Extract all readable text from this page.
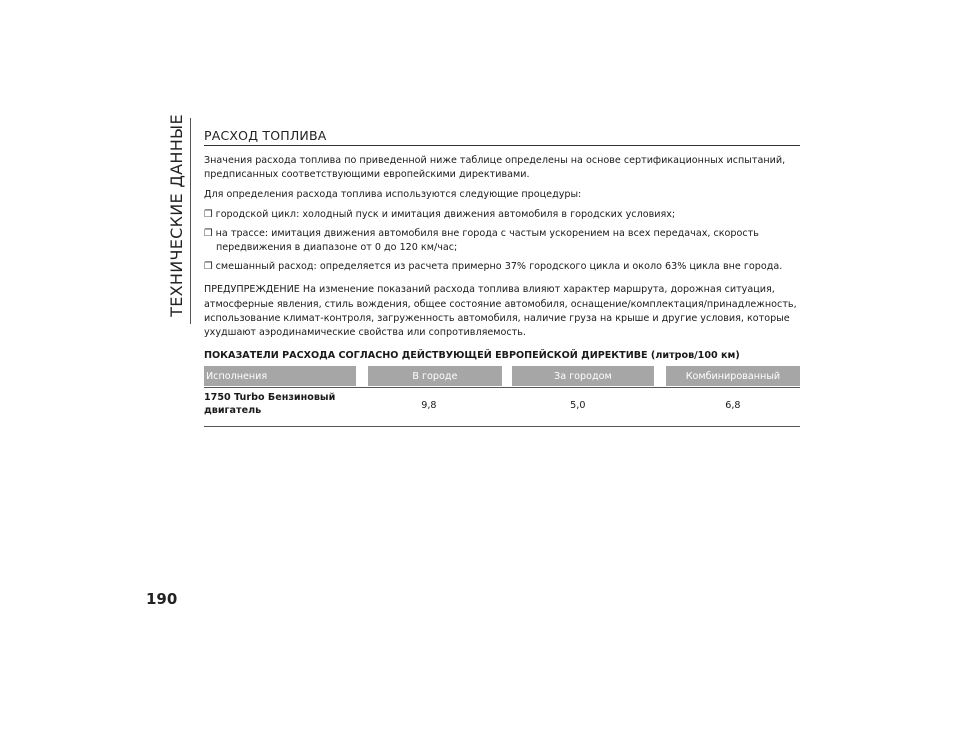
ТЕХНИЧЕСКИЕ ДАННЫЕ РАСХОД ТОПЛИВА

Значения расхода топлива по приведенной ниже таблице определены на основе сертификационных испытаний, предписанных соответствующими европейскими директивами.

Для определения расхода топлива используются следующие процедуры:

❒ городской цикл: холодный пуск и имитация движения автомобиля в городских условиях;

❒ на трассе: имитация движения автомобиля вне города с частым ускорением на всех передачах, скорость передвижения в диапазоне от 0 до 120 км/час;

❒ смешанный расход: определяется из расчета примерно 37% городского цикла и около 63% цикла вне города.

ПРЕДУПРЕЖДЕНИЕ На изменение показаний расхода топлива влияют характер маршрута, дорожная ситуация, атмосферные явления, стиль вождения, общее состояние автомобиля, оснащение/комплектация/принадлежность, использование климат-контроля, загруженность автомобиля, наличие груза на крыше и другие условия, которые ухудшают аэродинамические свойства или сопротивляемость.

ПОКАЗАТЕЛИ РАСХОДА СОГЛАСНО ДЕЙСТВУЮЩЕЙ ЕВРОПЕЙСКОЙ ДИРЕКТИВЕ (литров/100 км)
Исполнения	В городе	За городом	Комбинированный
1750 Turbo Бензиновый двигатель	9,8	5,0	6,8
190
